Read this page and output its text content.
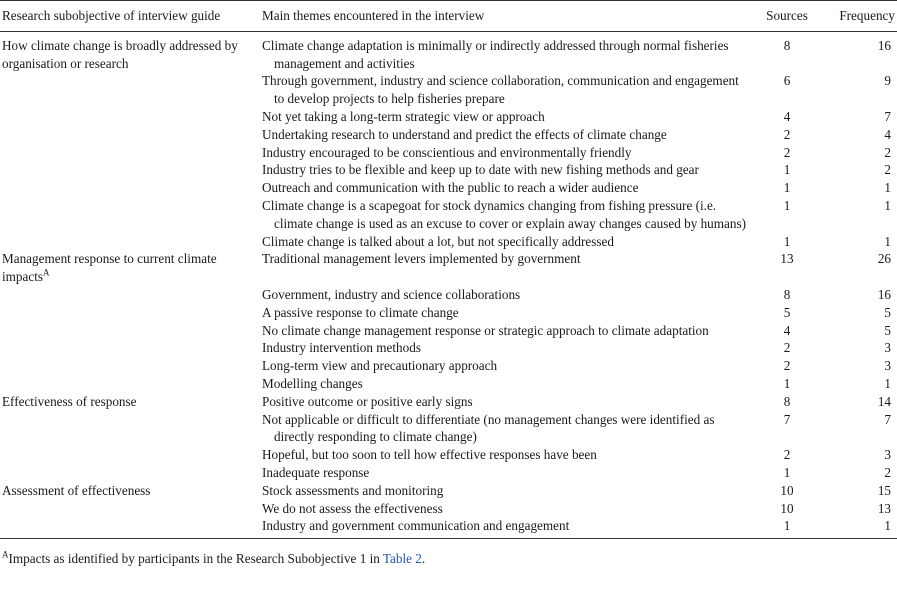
Research subobjective of interview guide	Main themes encountered in the interview	Sources	Frequency
How climate change is broadly addressed by organisation or research	Climate change adaptation is minimally or indirectly addressed through normal fisheries management and activities	8	16

	Through government, industry and science collaboration, communication and engagement to develop projects to help fisheries prepare	6	9

	Not yet taking a long-term strategic view or approach	4	7

	Undertaking research to understand and predict the effects of climate change	2	4

	Industry encouraged to be conscientious and environmentally friendly	2	2

	Industry tries to be flexible and keep up to date with new fishing methods and gear	1	2

	Outreach and communication with the public to reach a wider audience	1	1

	Climate change is a scapegoat for stock dynamics changing from fishing pressure (i.e. climate change is used as an excuse to cover or explain away changes caused by humans)	1	1

	Climate change is talked about a lot, but not specifically addressed	1	1
Management response to current climate impacts$^A$	Traditional management levers implemented by government	13	26

	Government, industry and science collaborations	8	16

	A passive response to climate change	5	5

	No climate change management response or strategic approach to climate adaptation	4	5

	Industry intervention methods	2	3

	Long-term view and precautionary approach	2	3

	Modelling changes	1	1
Effectiveness of response	Positive outcome or positive early signs	8	14

	Not applicable or difficult to differentiate (no management changes were identified as directly responding to climate change)	7	7

	Hopeful, but too soon to tell how effective responses have been	2	3

	Inadequate response	1	2
Assessment of effectiveness	Stock assessments and monitoring	10	15

	We do not assess the effectiveness	10	13

	Industry and government communication and engagement	1	1
$^A$Impacts as identified by participants in the Research Subobjective 1 in Table 2.
